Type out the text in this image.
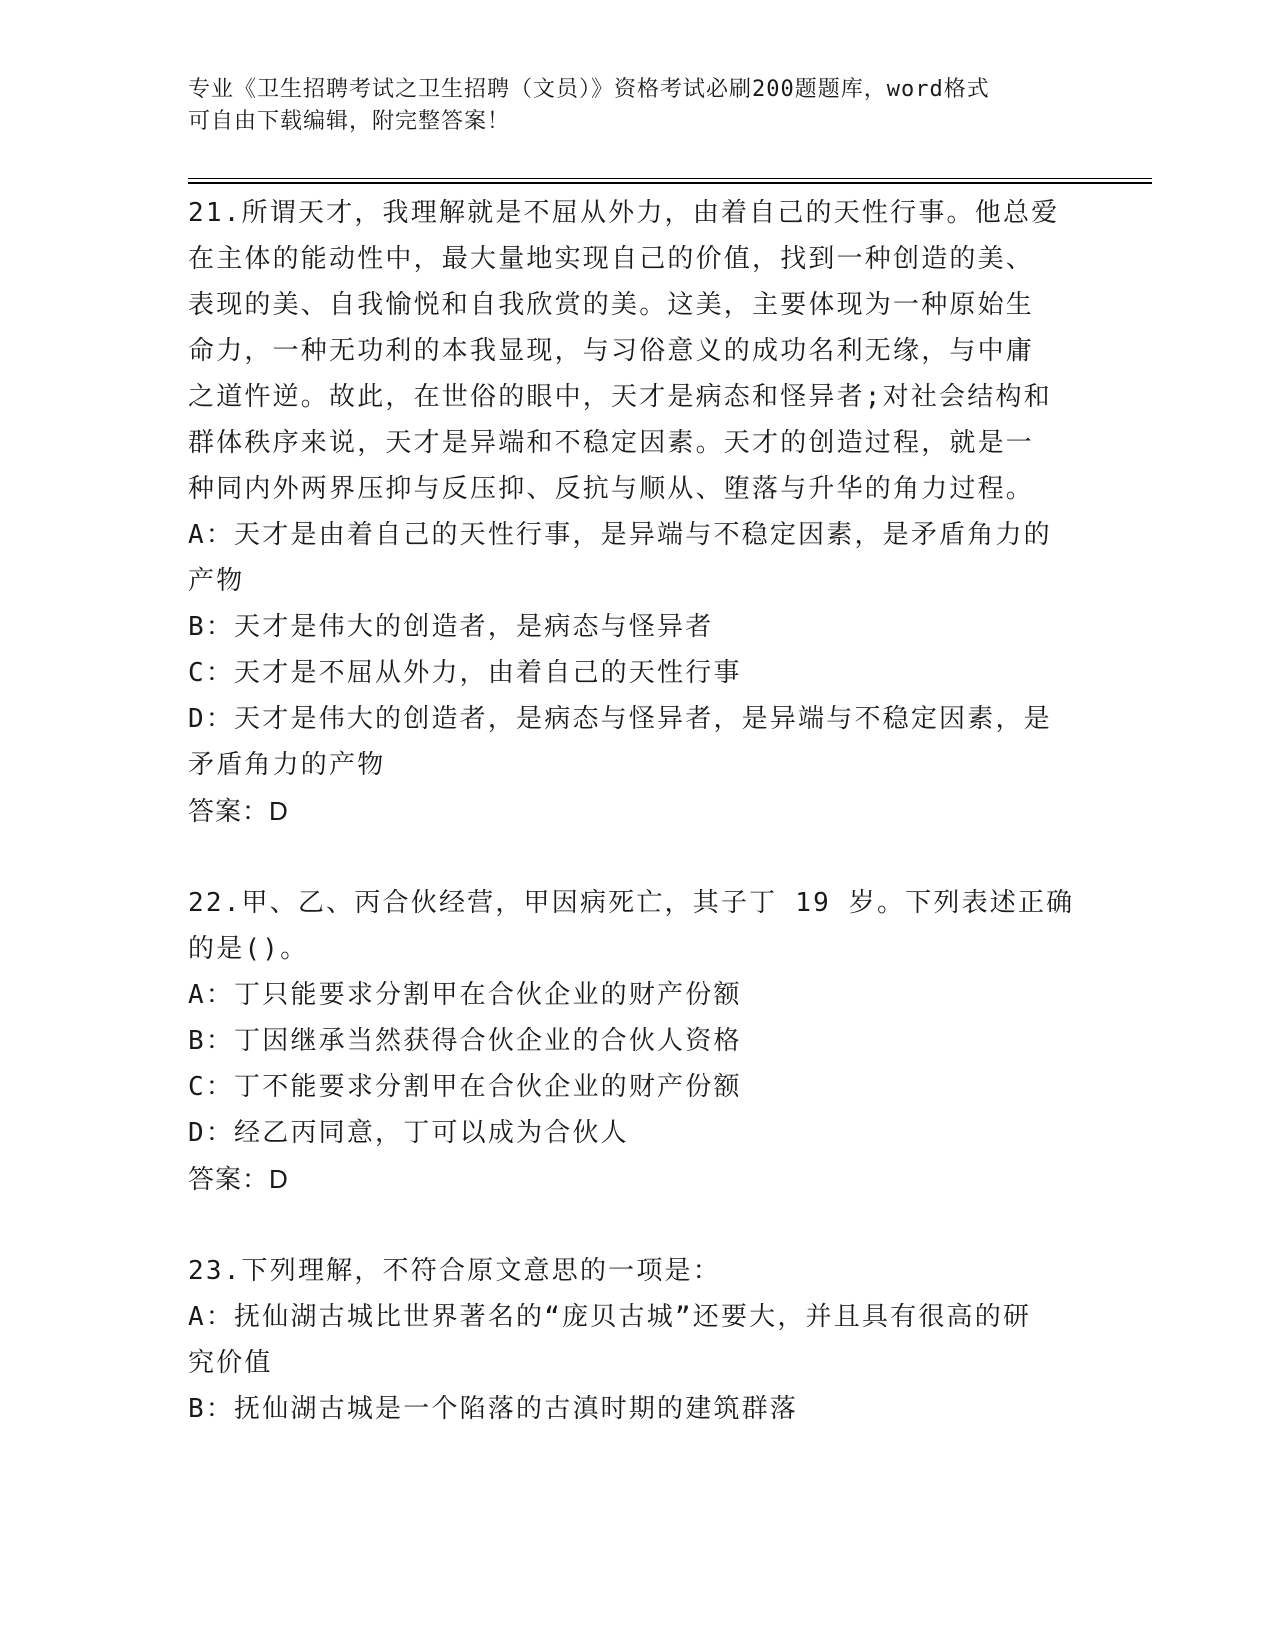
专业《卫生招聘考试之卫生招聘（文员）》资格考试必刷200题题库，word格式
可自由下载编辑，附完整答案！

21.所谓天才，我理解就是不屈从外力，由着自己的天性行事。他总爱

在主体的能动性中，最大量地实现自己的价值，找到一种创造的美、

表现的美、自我愉悦和自我欣赏的美。这美，主要体现为一种原始生

命力，一种无功利的本我显现，与习俗意义的成功名利无缘，与中庸

之道忤逆。故此，在世俗的眼中，天才是病态和怪异者;对社会结构和

群体秩序来说，天才是异端和不稳定因素。天才的创造过程，就是一

种同内外两界压抑与反压抑、反抗与顺从、堕落与升华的角力过程。

A：天才是由着自己的天性行事，是异端与不稳定因素，是矛盾角力的

产物

B：天才是伟大的创造者，是病态与怪异者

C：天才是不屈从外力，由着自己的天性行事

D：天才是伟大的创造者，是病态与怪异者，是异端与不稳定因素，是

矛盾角力的产物

答案：D

22.甲、乙、丙合伙经营，甲因病死亡，其子丁 19 岁。下列表述正确

的是()。

A：丁只能要求分割甲在合伙企业的财产份额

B：丁因继承当然获得合伙企业的合伙人资格

C：丁不能要求分割甲在合伙企业的财产份额

D：经乙丙同意，丁可以成为合伙人

答案：D

23.下列理解，不符合原文意思的一项是：

A：抚仙湖古城比世界著名的“庞贝古城”还要大，并且具有很高的研

究价值

B：抚仙湖古城是一个陷落的古滇时期的建筑群落
